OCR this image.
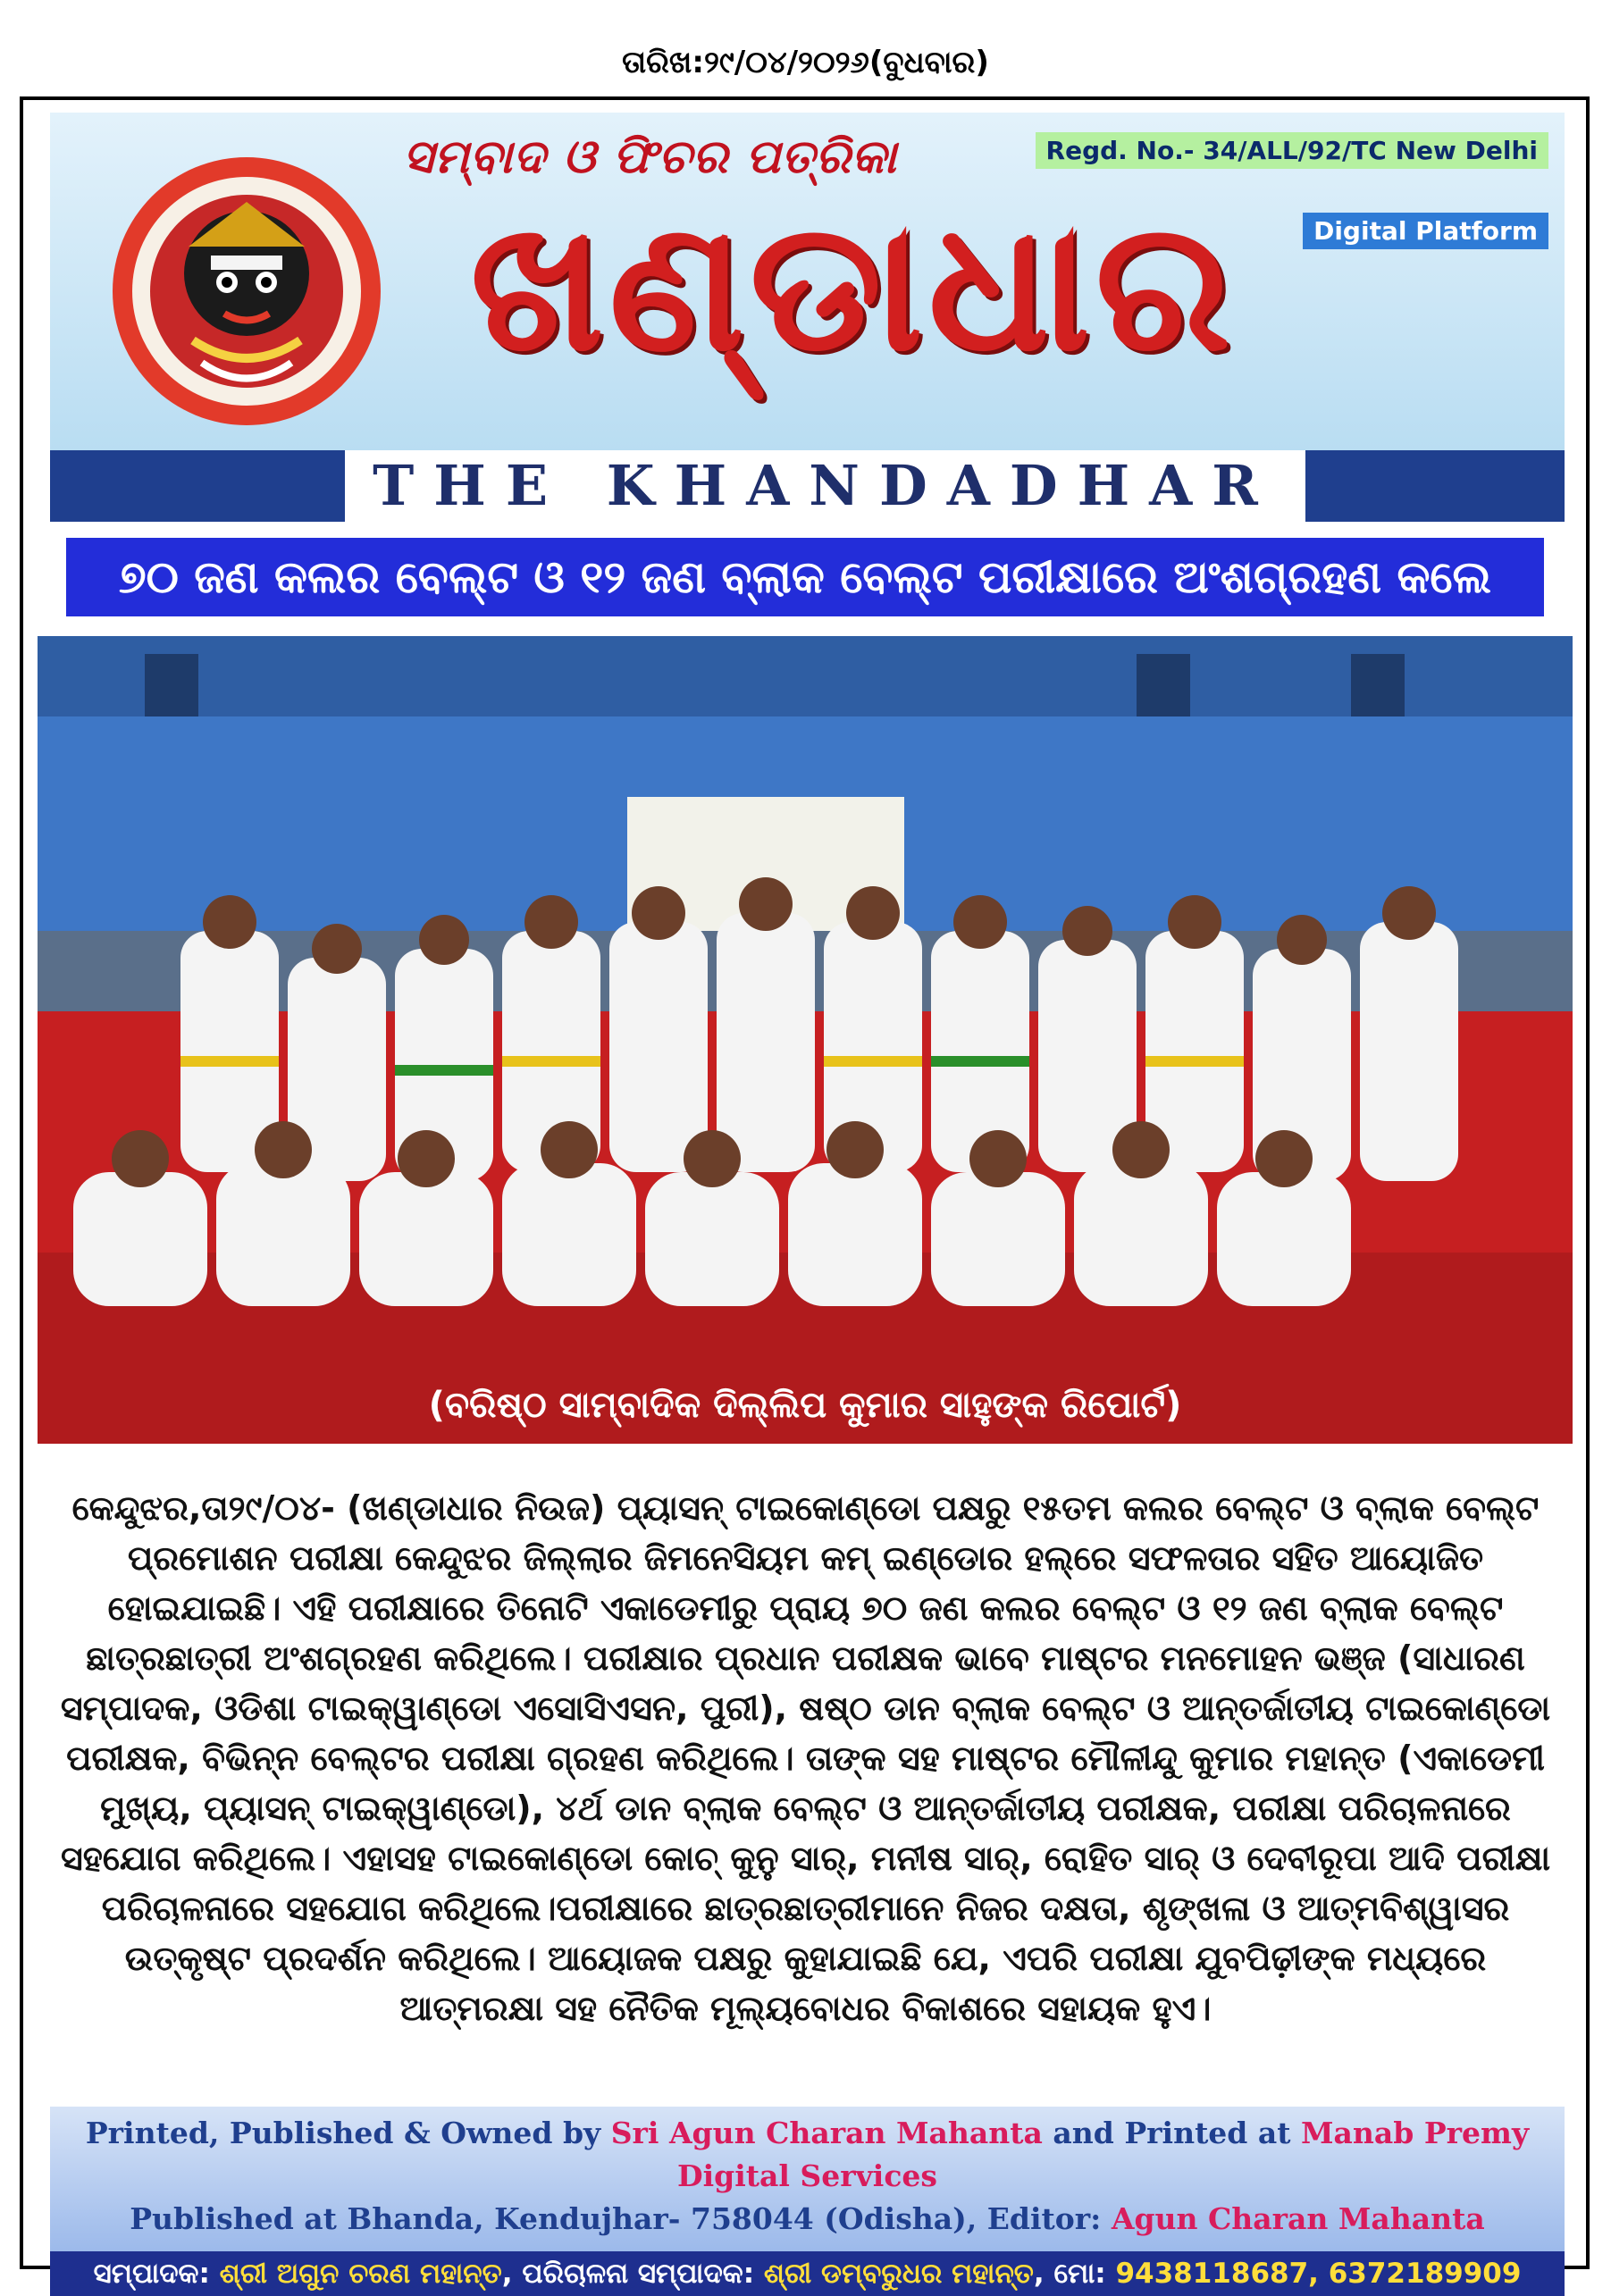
ତାରିଖ:୨୯/୦୪/୨୦୨୬(ବୁଧବାର)
ସମ୍ବାଦ ଓ ଫିଚର ପତ୍ରିକା
ଖଣ୍ଡାଧାର
Regd. No.- 34/ALL/92/TC New Delhi
Digital Platform
THE KHANDADHAR
୭୦ ଜଣ କଲର ବେଲ୍ଟ ଓ ୧୨ ଜଣ ବ୍ଲାକ ବେଲ୍ଟ ପରୀକ୍ଷାରେ ଅଂଶଗ୍ରହଣ କଲେ
(ବରିଷ୍ଠ ସାମ୍ବାଦିକ ଦିଲ୍ଲିପ କୁମାର ସାହୁଙ୍କ ରିପୋର୍ଟ)
କେନ୍ଦୁଝର,ତା୨୯/୦୪- (ଖଣ୍ଡାଧାର ନିଉଜ) ପ୍ୟାସନ୍ ଟାଇକୋଣ୍ଡୋ ପକ୍ଷରୁ ୧୫ତମ କଲର ବେଲ୍ଟ ଓ ବ୍ଲାକ ବେଲ୍ଟ ପ୍ରମୋଶନ ପରୀକ୍ଷା କେନ୍ଦୁଝର ଜିଲ୍ଲାର ଜିମନେସିୟମ କମ୍ ଇଣ୍ଡୋର ହଲ୍‌ରେ ସଫଳତାର ସହିତ ଆୟୋଜିତ ହୋଇଯାଇଛି। ଏହି ପରୀକ୍ଷାରେ ତିନୋଟି ଏକାଡେମୀରୁ ପ୍ରାୟ ୭୦ ଜଣ କଲର ବେଲ୍ଟ ଓ ୧୨ ଜଣ ବ୍ଲାକ ବେଲ୍ଟ ଛାତ୍ରଛାତ୍ରୀ ଅଂଶଗ୍ରହଣ କରିଥିଲେ। ପରୀକ୍ଷାର ପ୍ରଧାନ ପରୀକ୍ଷକ ଭାବେ ମାଷ୍ଟର ମନମୋହନ ଭଞ୍ଜ (ସାଧାରଣ ସମ୍ପାଦକ, ଓଡିଶା ଟାଇକ୍ୱାଣ୍ଡୋ ଏସୋସିଏସନ, ପୁରୀ), ଷଷ୍ଠ ଡାନ ବ୍ଲାକ ବେଲ୍ଟ ଓ ଆନ୍ତର୍ଜାତୀୟ ଟାଇକୋଣ୍ଡୋ ପରୀକ୍ଷକ, ବିଭିନ୍ନ ବେଲ୍ଟର ପରୀକ୍ଷା ଗ୍ରହଣ କରିଥିଲେ। ତାଙ୍କ ସହ ମାଷ୍ଟର ମୌଳୀନ୍ଦୁ କୁମାର ମହାନ୍ତ (ଏକାଡେମୀ ମୁଖ୍ୟ, ପ୍ୟାସନ୍ ଟାଇକ୍ୱାଣ୍ଡୋ), ୪ର୍ଥ ଡାନ ବ୍ଲାକ ବେଲ୍ଟ ଓ ଆନ୍ତର୍ଜାତୀୟ ପରୀକ୍ଷକ, ପରୀକ୍ଷା ପରିଚାଳନାରେ ସହଯୋଗ କରିଥିଲେ। ଏହାସହ ଟାଇକୋଣ୍ଡୋ କୋଚ୍ କୁନୁ ସାର୍, ମନୀଷ ସାର୍, ରୋହିତ ସାର୍ ଓ ଦେବୀରୂପା ଆଦି ପରୀକ୍ଷା ପରିଚାଳନାରେ ସହଯୋଗ କରିଥିଲେ।ପରୀକ୍ଷାରେ ଛାତ୍ରଛାତ୍ରୀମାନେ ନିଜର ଦକ୍ଷତା, ଶୃଙ୍ଖଳା ଓ ଆତ୍ମବିଶ୍ୱାସର ଉତ୍କୃଷ୍ଟ ପ୍ରଦର୍ଶନ କରିଥିଲେ। ଆୟୋଜକ ପକ୍ଷରୁ କୁହାଯାଇଛି ଯେ, ଏପରି ପରୀକ୍ଷା ଯୁବପିଢ଼ୀଙ୍କ ମଧ୍ୟରେ ଆତ୍ମରକ୍ଷା ସହ ନୈତିକ ମୂଲ୍ୟବୋଧର ବିକାଶରେ ସହାୟକ ହୁଏ।
Printed, Published & Owned by Sri Agun Charan Mahanta and Printed at Manab Premy Digital Services
Published at Bhanda, Kendujhar- 758044 (Odisha), Editor: Agun Charan Mahanta
ସମ୍ପାଦକ: ଶ୍ରୀ ଅଗୁନ ଚରଣ ମହାନ୍ତ, ପରିଚାଳନା ସମ୍ପାଦକ: ଶ୍ରୀ ଡମ୍ବରୁଧର ମହାନ୍ତ, ମୋ: 9438118687, 6372189909
